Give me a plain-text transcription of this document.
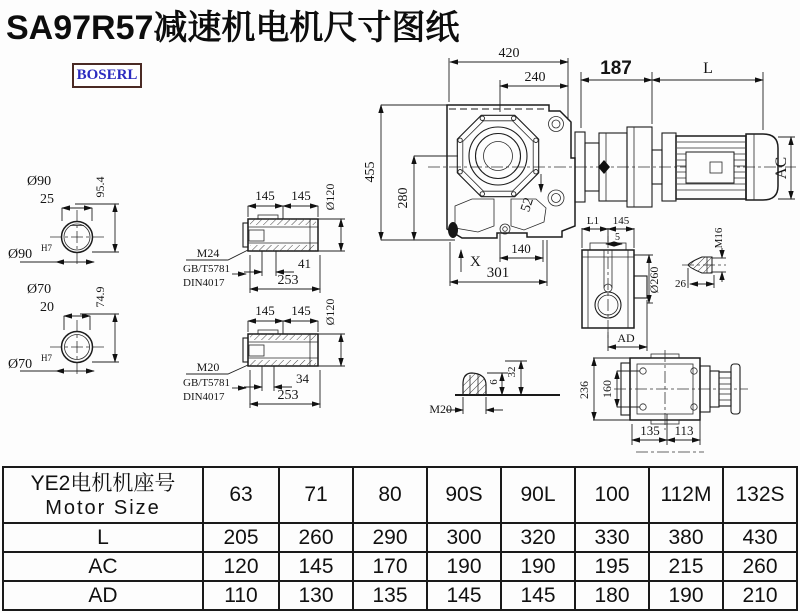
SA97R57减速机电机尺寸图纸
BOSERL
420
240	187	L
AC
455
280	52
X
140
301
Ø90
25
95.4
Ø90 H7
Ø70
20	74.9
Ø70 H7
145 145 Ø120
41
253
M24
GB/T5781
DIN4017
145 145 Ø120
34
253
M20
GB/T5781
DIN4017
L1 145
5
Ø260
AD
M16
26
M20
6
32
236 160
135 113
YE2电机机座号
Motor Size	63	71	80	90S	90L	100	112M	132S
L	205	260	290	300	320	330	380	430
AC	120	145	170	190	190	195	215	260
AD	110	130	135	145	145	180	190	210
